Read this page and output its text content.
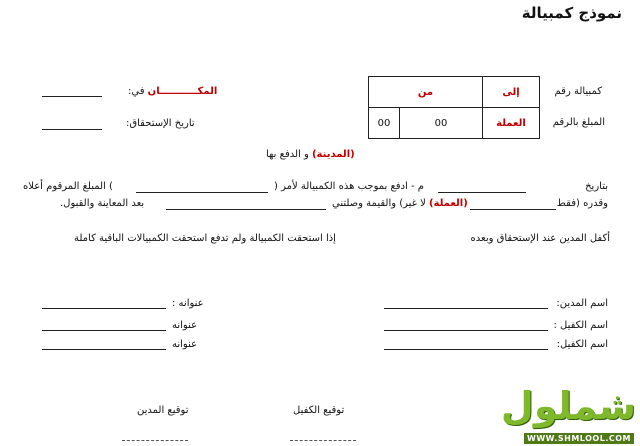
نموذج كمبيالة
من		إلى
00	00	العملة
كمبيالة رقم
المبلغ بالرقم
المكـــــــــــان في:
تاريخ الإستحقاق:
(المدينة) و الدفع بها
بتاريخ
م - ادفع بموجب هذه الكمبيالة لأمر (
) المبلغ المرقوم أعلاه
وقدره (فقط
(العملة) لا غير) والقيمة وصلتني
بعد المعاينة والقبول.
أكفل المدين عند الإستحقاق وبعده
إذا استحقت الكمبيالة ولم تدفع استحقت الكمبيالات الباقية كاملة
اسم المدين:
اسم الكفيل :
اسم الكفيل:
عنوانه :
عنوانه
عنوانه
توقيع الكفيل
توقيع المدين	شملول
WWW.SHMLOOL.COM
